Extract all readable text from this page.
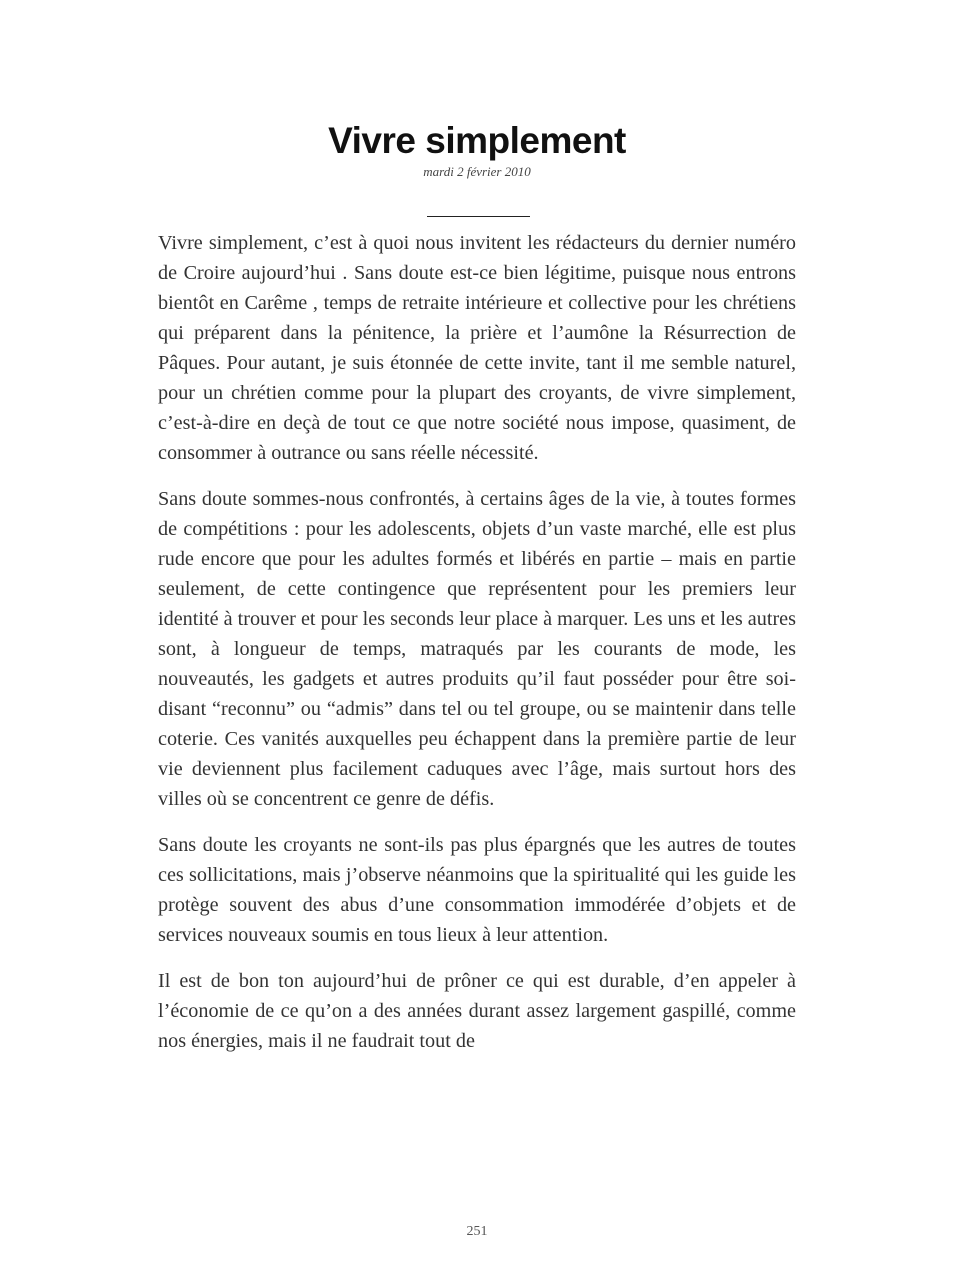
Vivre simplement
mardi 2 février 2010

Vivre simplement, c’est à quoi nous invitent les rédacteurs du dernier numéro de Croire aujourd’hui . Sans doute est-ce bien légitime, puisque nous entrons bientôt en Carême , temps de retraite intérieure et collective pour les chrétiens qui préparent dans la pénitence, la prière et l’aumône la Résurrection de Pâques. Pour autant, je suis étonnée de cette invite, tant il me semble naturel, pour un chrétien comme pour la plupart des croyants, de vivre simplement, c’est-à-dire en deçà de tout ce que notre société nous impose, quasiment, de consommer à outrance ou sans réelle nécessité.

Sans doute sommes-nous confrontés, à certains âges de la vie, à toutes formes de compétitions : pour les adolescents, objets d’un vaste marché, elle est plus rude encore que pour les adultes formés et libérés en partie – mais en partie seulement, de cette contingence que représentent pour les premiers leur identité à trouver et pour les seconds leur place à marquer. Les uns et les autres sont, à longueur de temps, matraqués par les courants de mode, les nouveautés, les gadgets et autres produits qu’il faut posséder pour être soi-disant “reconnu” ou “admis” dans tel ou tel groupe, ou se maintenir dans telle coterie. Ces vanités auxquelles peu échappent dans la première partie de leur vie deviennent plus facilement caduques avec l’âge, mais surtout hors des villes où se concentrent ce genre de défis.

Sans doute les croyants ne sont-ils pas plus épargnés que les autres de toutes ces sollicitations, mais j’observe néanmoins que la spiritualité qui les guide les protège souvent des abus d’une consommation immodérée d’objets et de services nouveaux soumis en tous lieux à leur attention.

Il est de bon ton aujourd’hui de prôner ce qui est durable, d’en appeler à l’économie de ce qu’on a des années durant assez largement gaspillé, comme nos énergies, mais il ne faudrait tout de

251
